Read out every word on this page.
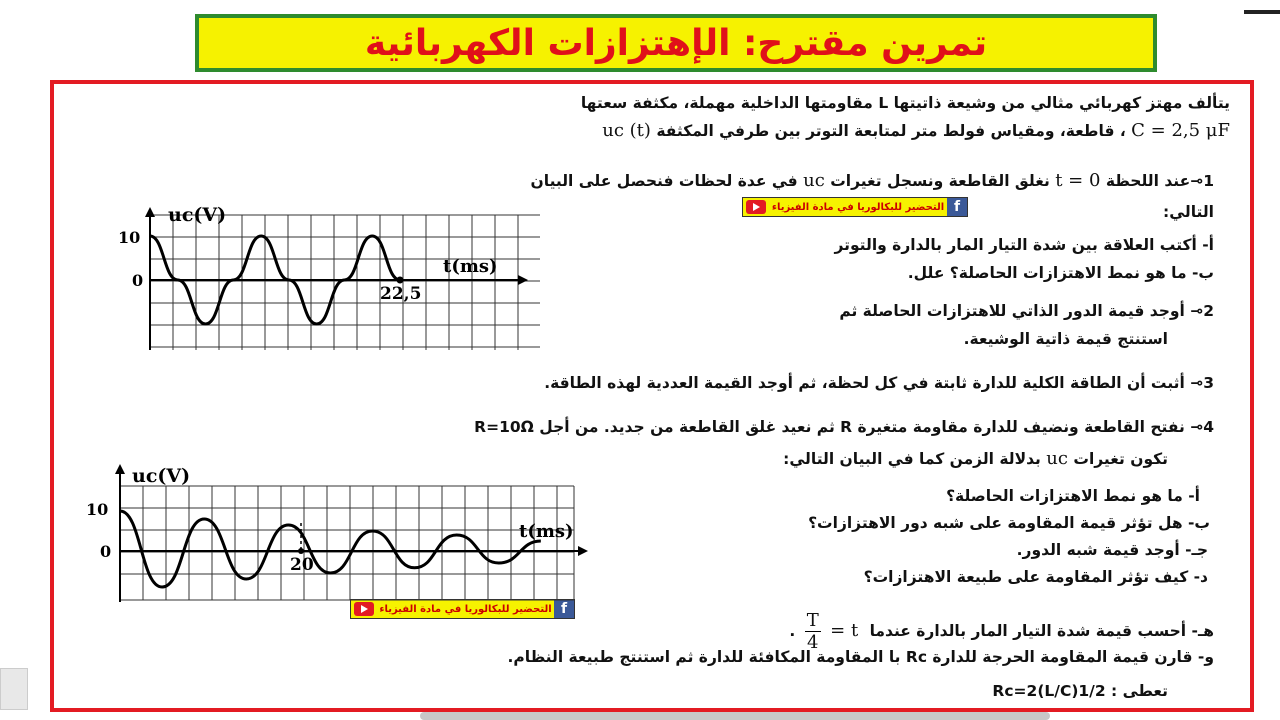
تمرين مقترح: الإهتزازات الكهربائية
يتألف مهتز كهربائي مثالي من وشيعة ذاتيتها L مقاومتها الداخلية مهملة، مكثفة سعتها
C = 2,5 μF ، قاطعة، ومقياس فولط متر لمتابعة التوتر بين طرفي المكثفة uc (t)
1⊸عند اللحظة t = 0 نغلق القاطعة ونسجل تغيرات uc في عدة لحظات فنحصل على البيان
التالي:
أ- أكتب العلاقة بين شدة التيار المار بالدارة والتوتر
ب- ما هو نمط الاهتزازات الحاصلة؟ علل.
التحضير للبكالوريا في مادة الفيزياء f
uc(V)
10
0
t(ms)
22,5
2⊸ أوجد قيمة الدور الذاتي للاهتزازات الحاصلة ثم
استنتج قيمة ذاتية الوشيعة.
3⊸ أثبت أن الطاقة الكلية للدارة ثابتة في كل لحظة، ثم أوجد القيمة العددية لهذه الطاقة.
4⊸ نفتح القاطعة ونضيف للدارة مقاومة متغيرة R ثم نعيد غلق القاطعة من جديد. من أجل R=10Ω
تكون تغيرات uc بدلالة الزمن كما في البيان التالي:
أ- ما هو نمط الاهتزازات الحاصلة؟
ب- هل تؤثر قيمة المقاومة على شبه دور الاهتزازات؟
جـ- أوجد قيمة شبه الدور.
د- كيف تؤثر المقاومة على طبيعة الاهتزازات؟
هـ- أحسب قيمة شدة التيار المار بالدارة عندما t =
$\frac{T}{4}$
.
و- قارن قيمة المقاومة الحرجة للدارة Rc با المقاومة المكافئة للدارة ثم استنتج طبيعة النظام.
تعطى : Rc=2(L/C)1/2
التحضير للبكالوريا في مادة الفيزياء f
uc(V)
10
0
t(ms)
20
